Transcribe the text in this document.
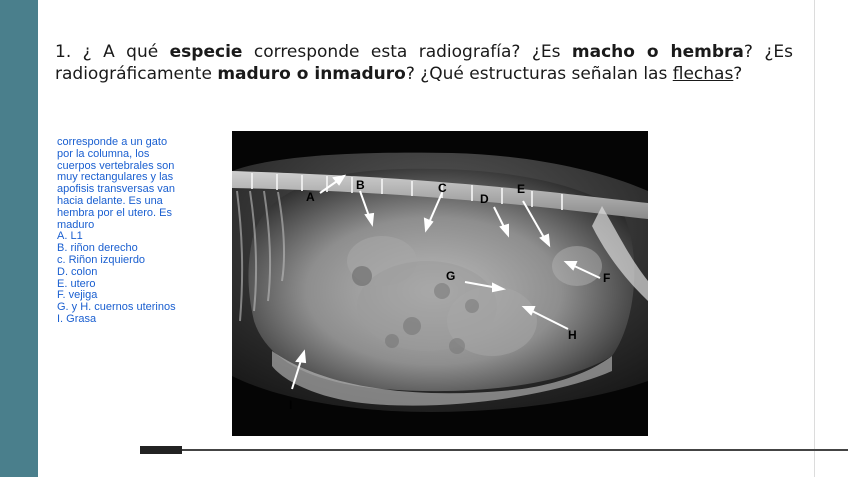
1. ¿ A qué especie corresponde esta radiografía? ¿Es macho o hembra? ¿Es radiográficamente maduro o inmaduro? ¿Qué estructuras señalan las flechas?

corresponde a un gato
por la columna, los
cuerpos vertebrales son
muy rectangulares y las
apofisis transversas van
hacia delante. Es una
hembra por el utero. Es
maduro
A. L1
B. riñon derecho
c. Riñon izquierdo
D. colon
E. utero
F. vejiga
G. y H. cuernos uterinos
I. Grasa
A
B	C
D
E
F
G
H
I
